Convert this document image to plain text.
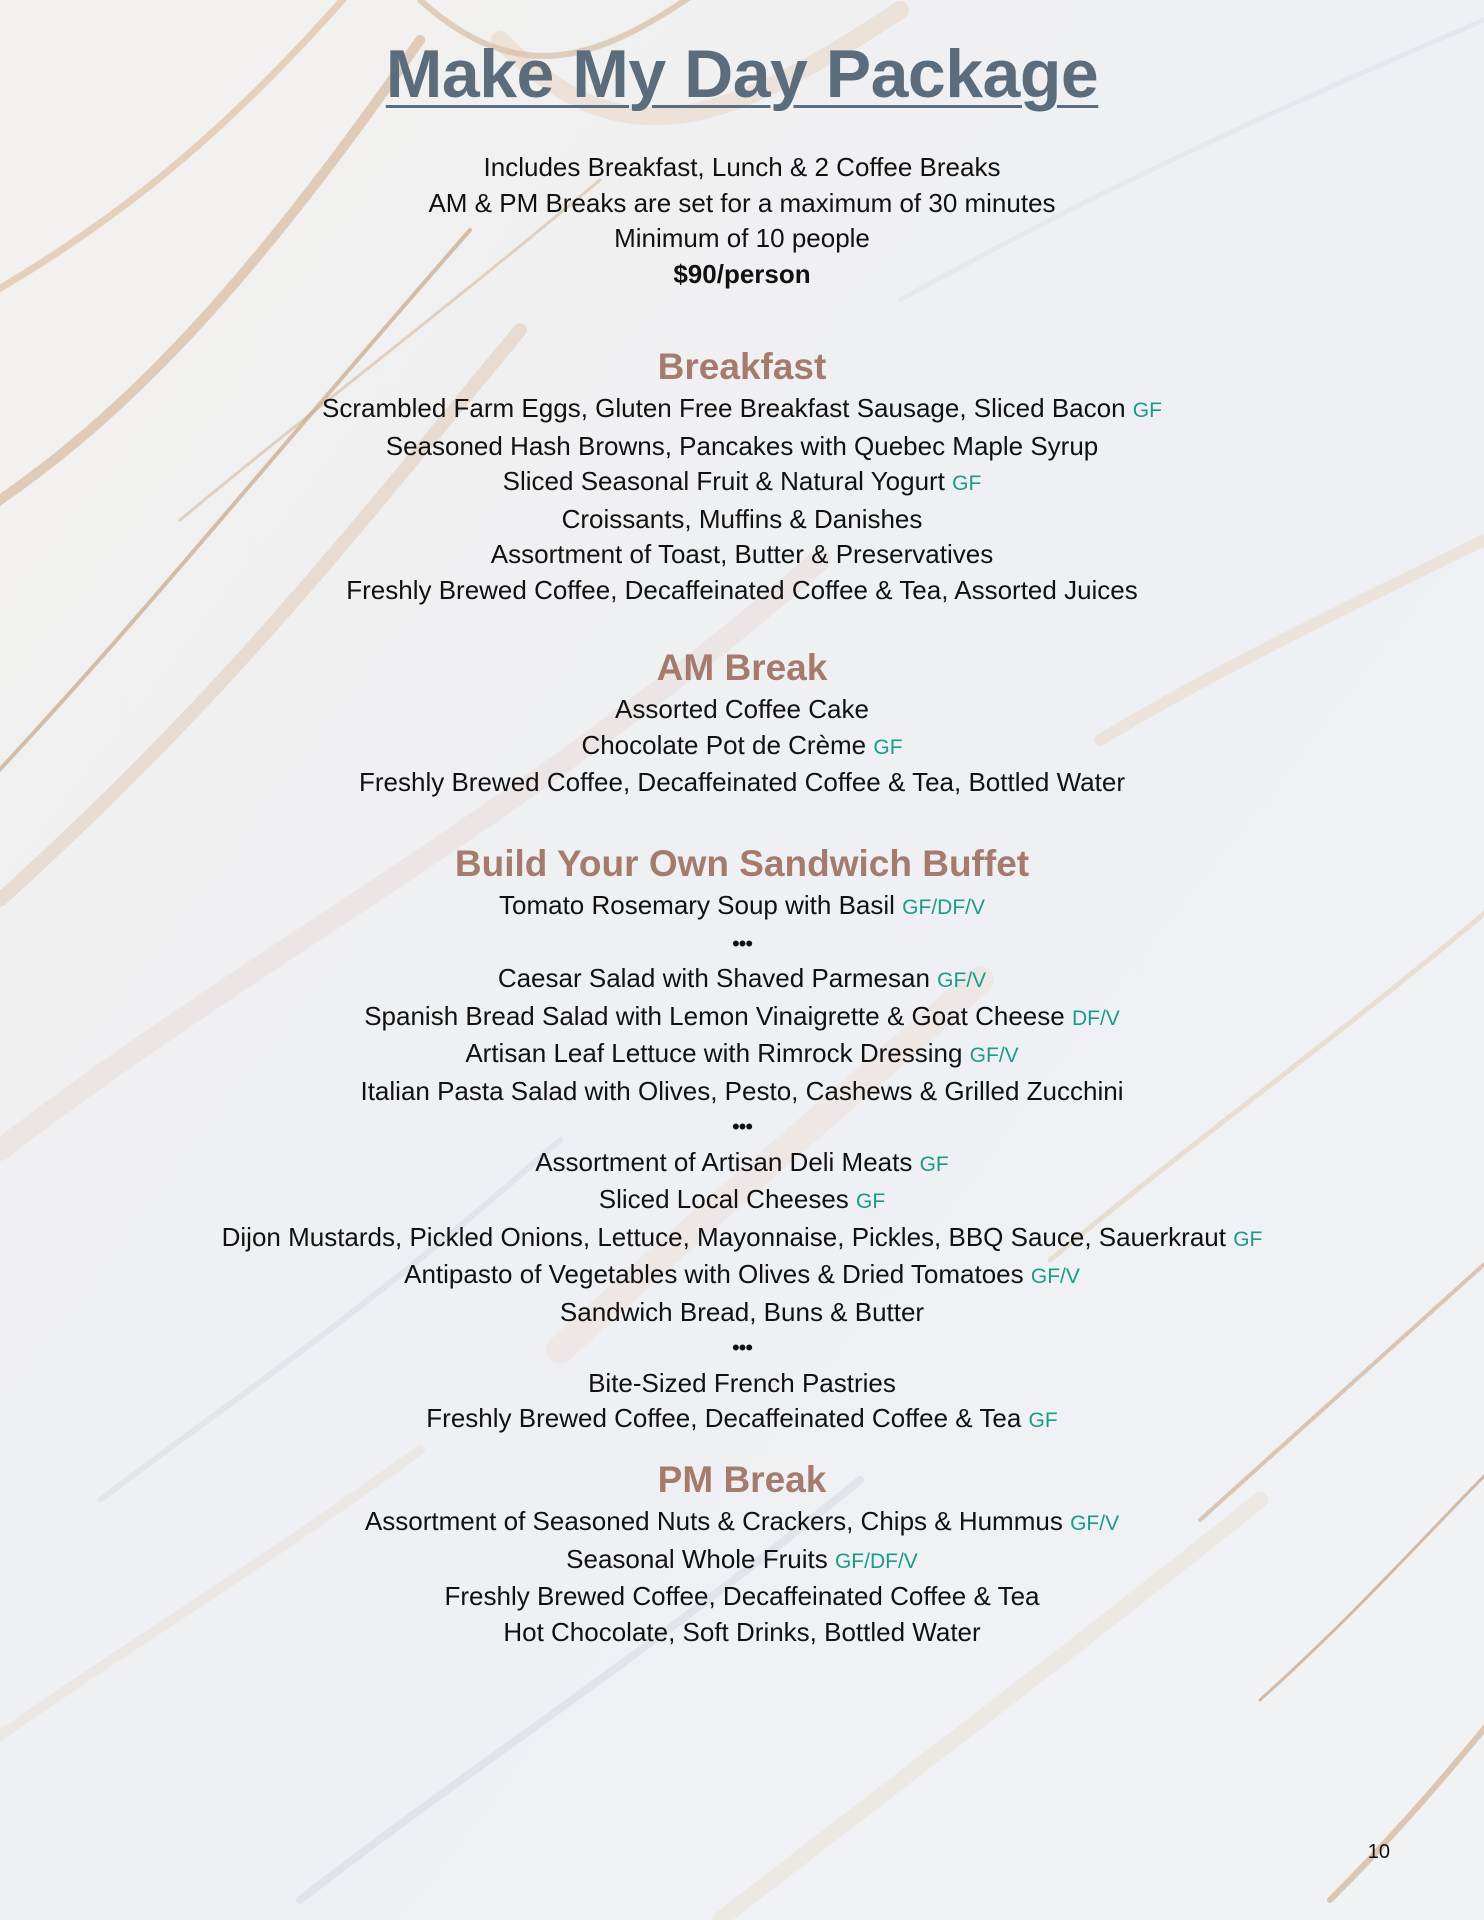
Make My Day Package
Includes Breakfast, Lunch & 2 Coffee Breaks
AM & PM Breaks are set for a maximum of 30 minutes
Minimum of 10 people
$90/person
Breakfast
Scrambled Farm Eggs, Gluten Free Breakfast Sausage, Sliced Bacon GF
Seasoned Hash Browns, Pancakes with Quebec Maple Syrup
Sliced Seasonal Fruit & Natural Yogurt GF
Croissants, Muffins & Danishes
Assortment of Toast, Butter & Preservatives
Freshly Brewed Coffee, Decaffeinated Coffee & Tea, Assorted Juices
AM Break
Assorted Coffee Cake
Chocolate Pot de Crème GF
Freshly Brewed Coffee, Decaffeinated Coffee & Tea, Bottled Water
Build Your Own Sandwich Buffet
Tomato Rosemary Soup with Basil GF/DF/V
•••
Caesar Salad with Shaved Parmesan GF/V
Spanish Bread Salad with Lemon Vinaigrette & Goat Cheese DF/V
Artisan Leaf Lettuce with Rimrock Dressing GF/V
Italian Pasta Salad with Olives, Pesto, Cashews & Grilled Zucchini
•••
Assortment of Artisan Deli Meats GF
Sliced Local Cheeses GF
Dijon Mustards, Pickled Onions, Lettuce, Mayonnaise, Pickles, BBQ Sauce, Sauerkraut GF
Antipasto of Vegetables with Olives & Dried Tomatoes GF/V
Sandwich Bread, Buns & Butter
•••
Bite-Sized French Pastries
Freshly Brewed Coffee, Decaffeinated Coffee & Tea GF
PM Break
Assortment of Seasoned Nuts & Crackers, Chips & Hummus GF/V
Seasonal Whole Fruits GF/DF/V
Freshly Brewed Coffee, Decaffeinated Coffee & Tea
Hot Chocolate, Soft Drinks, Bottled Water
10
